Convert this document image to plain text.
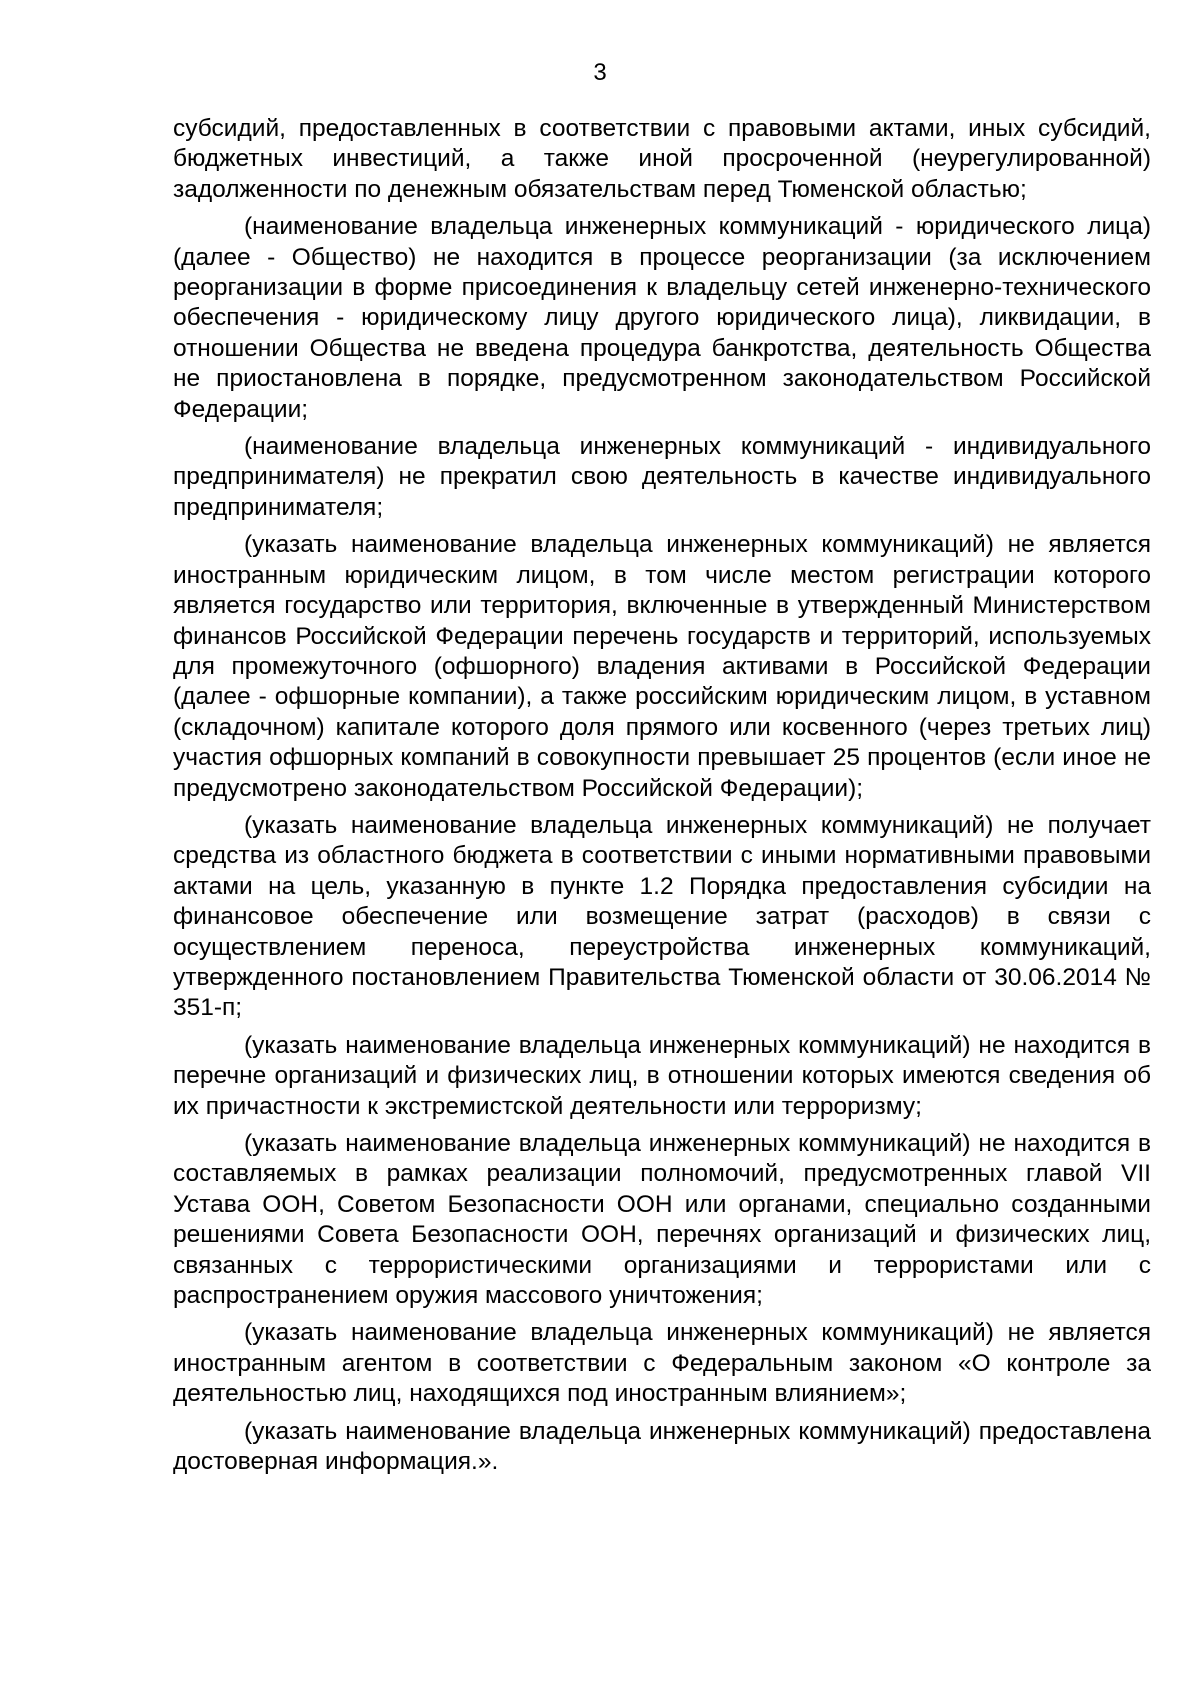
3

субсидий, предоставленных в соответствии с правовыми актами, иных субсидий, бюджетных инвестиций, а также иной просроченной (неурегулированной) задолженности по денежным обязательствам перед Тюменской областью;

(наименование владельца инженерных коммуникаций - юридического лица) (далее - Общество) не находится в процессе реорганизации (за исключением реорганизации в форме присоединения к владельцу сетей инженерно-технического обеспечения - юридическому лицу другого юридического лица), ликвидации, в отношении Общества не введена процедура банкротства, деятельность Общества не приостановлена в порядке, предусмотренном законодательством Российской Федерации;

(наименование владельца инженерных коммуникаций - индивидуального предпринимателя) не прекратил свою деятельность в качестве индивидуального предпринимателя;

(указать наименование владельца инженерных коммуникаций) не является иностранным юридическим лицом, в том числе местом регистрации которого является государство или территория, включенные в утвержденный Министерством финансов Российской Федерации перечень государств и территорий, используемых для промежуточного (офшорного) владения активами в Российской Федерации (далее - офшорные компании), а также российским юридическим лицом, в уставном (складочном) капитале которого доля прямого или косвенного (через третьих лиц) участия офшорных компаний в совокупности превышает 25 процентов (если иное не предусмотрено законодательством Российской Федерации);

(указать наименование владельца инженерных коммуникаций) не получает средства из областного бюджета в соответствии с иными нормативными правовыми актами на цель, указанную в пункте 1.2 Порядка предоставления субсидии на финансовое обеспечение или возмещение затрат (расходов) в связи с осуществлением переноса, переустройства инженерных коммуникаций, утвержденного постановлением Правительства Тюменской области от 30.06.2014 № 351-п;

(указать наименование владельца инженерных коммуникаций) не находится в перечне организаций и физических лиц, в отношении которых имеются сведения об их причастности к экстремистской деятельности или терроризму;

(указать наименование владельца инженерных коммуникаций) не находится в составляемых в рамках реализации полномочий, предусмотренных главой VII Устава ООН, Советом Безопасности ООН или органами, специально созданными решениями Совета Безопасности ООН, перечнях организаций и физических лиц, связанных с террористическими организациями и террористами или с распространением оружия массового уничтожения;

(указать наименование владельца инженерных коммуникаций) не является иностранным агентом в соответствии с Федеральным законом «О контроле за деятельностью лиц, находящихся под иностранным влиянием»;

(указать наименование владельца инженерных коммуникаций) предоставлена достоверная информация.».
